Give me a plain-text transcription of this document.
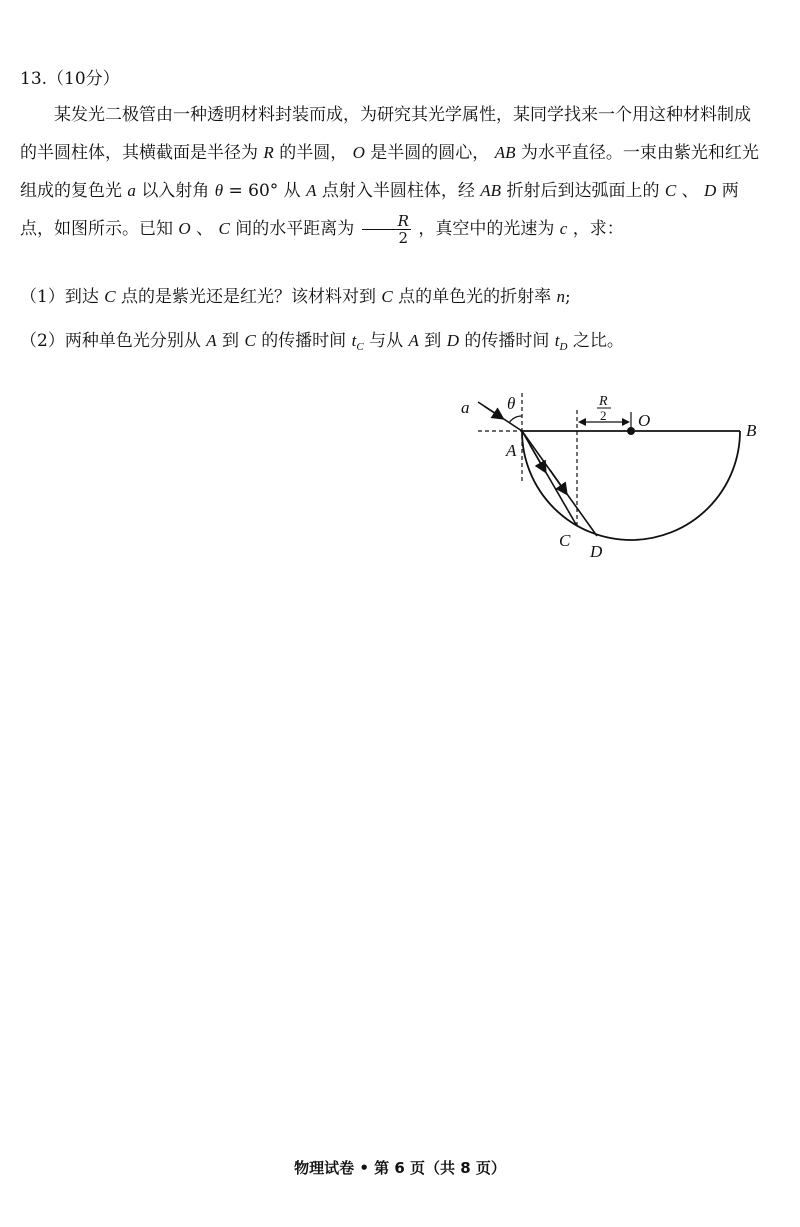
13.（10分）

某发光二极管由一种透明材料封装而成，为研究其光学属性，某同学找来一个用这种材料制成的半圆柱体，其横截面是半径为 R 的半圆， O 是半圆的圆心， AB 为水平直径。一束由紫光和红光组成的复色光 a 以入射角 θ = 60° 从 A 点射入半圆柱体，经 AB 折射后到达弧面上的 C 、 D 两点，如图所示。已知 O 、 C 间的水平距离为 $\frac{R}{2}$ ，真空中的光速为 c ，求：

（1）到达 C 点的是紫光还是红光？该材料对到 C 点的单色光的折射率 n;
（2）两种单色光分别从 A 到 C 的传播时间 $t_C$ 与从 A 到 D 的传播时间 $t_D$ 之比。
a θ
A
O
B
C
D
R
2
物理试卷 • 第 6 页（共 8 页）
